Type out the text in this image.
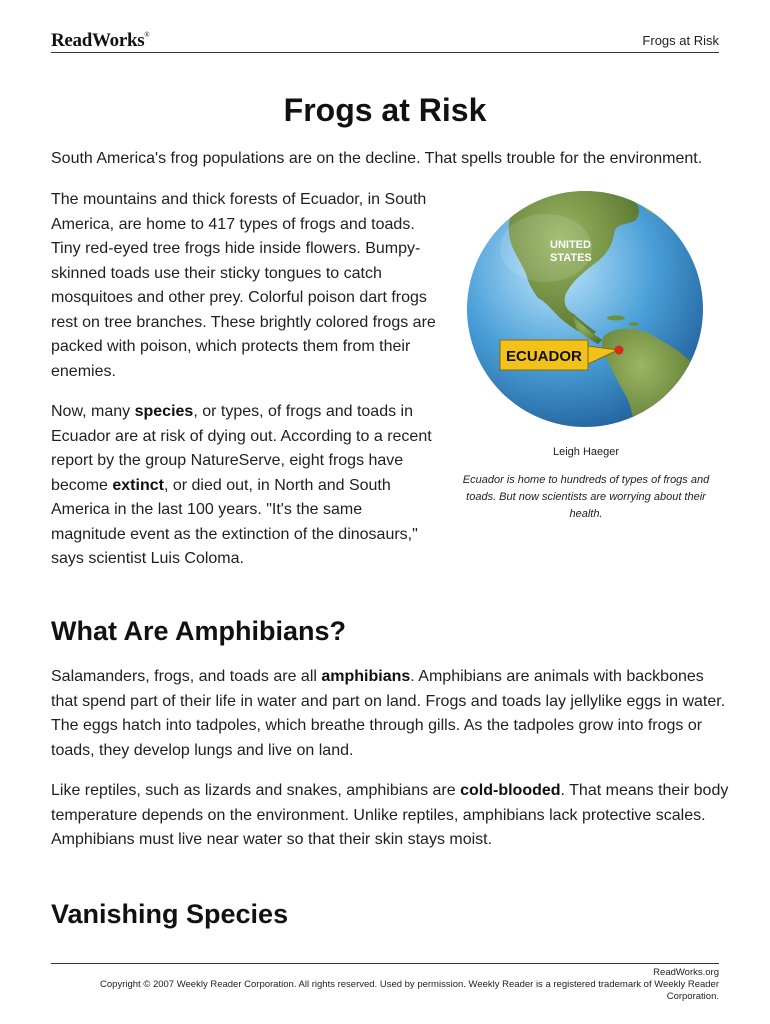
ReadWorks®	Frogs at Risk
Frogs at Risk

South America's frog populations are on the decline. That spells trouble for the environment.

The mountains and thick forests of Ecuador, in South America, are home to 417 types of frogs and toads. Tiny red-eyed tree frogs hide inside flowers. Bumpy-skinned toads use their sticky tongues to catch mosquitoes and other prey. Colorful poison dart frogs rest on tree branches. These brightly colored frogs are packed with poison, which protects them from their enemies.

Now, many species, or types, of frogs and toads in Ecuador are at risk of dying out. According to a recent report by the group NatureServe, eight frogs have become extinct, or died out, in North and South America in the last 100 years. "It's the same magnitude event as the extinction of the dinosaurs," says scientist Luis Coloma.

UNITED
STATES
ECUADOR
Leigh Haeger
Ecuador is home to hundreds of types of frogs and toads. But now scientists are worrying about their health.
What Are Amphibians?

Salamanders, frogs, and toads are all amphibians. Amphibians are animals with backbones that spend part of their life in water and part on land. Frogs and toads lay jellylike eggs in water. The eggs hatch into tadpoles, which breathe through gills. As the tadpoles grow into frogs or toads, they develop lungs and live on land.

Like reptiles, such as lizards and snakes, amphibians are cold-blooded. That means their body temperature depends on the environment. Unlike reptiles, amphibians lack protective scales. Amphibians must live near water so that their skin stays moist.

Vanishing Species
ReadWorks.org
Copyright © 2007 Weekly Reader Corporation. All rights reserved. Used by permission. Weekly Reader is a registered trademark of Weekly Reader Corporation.
